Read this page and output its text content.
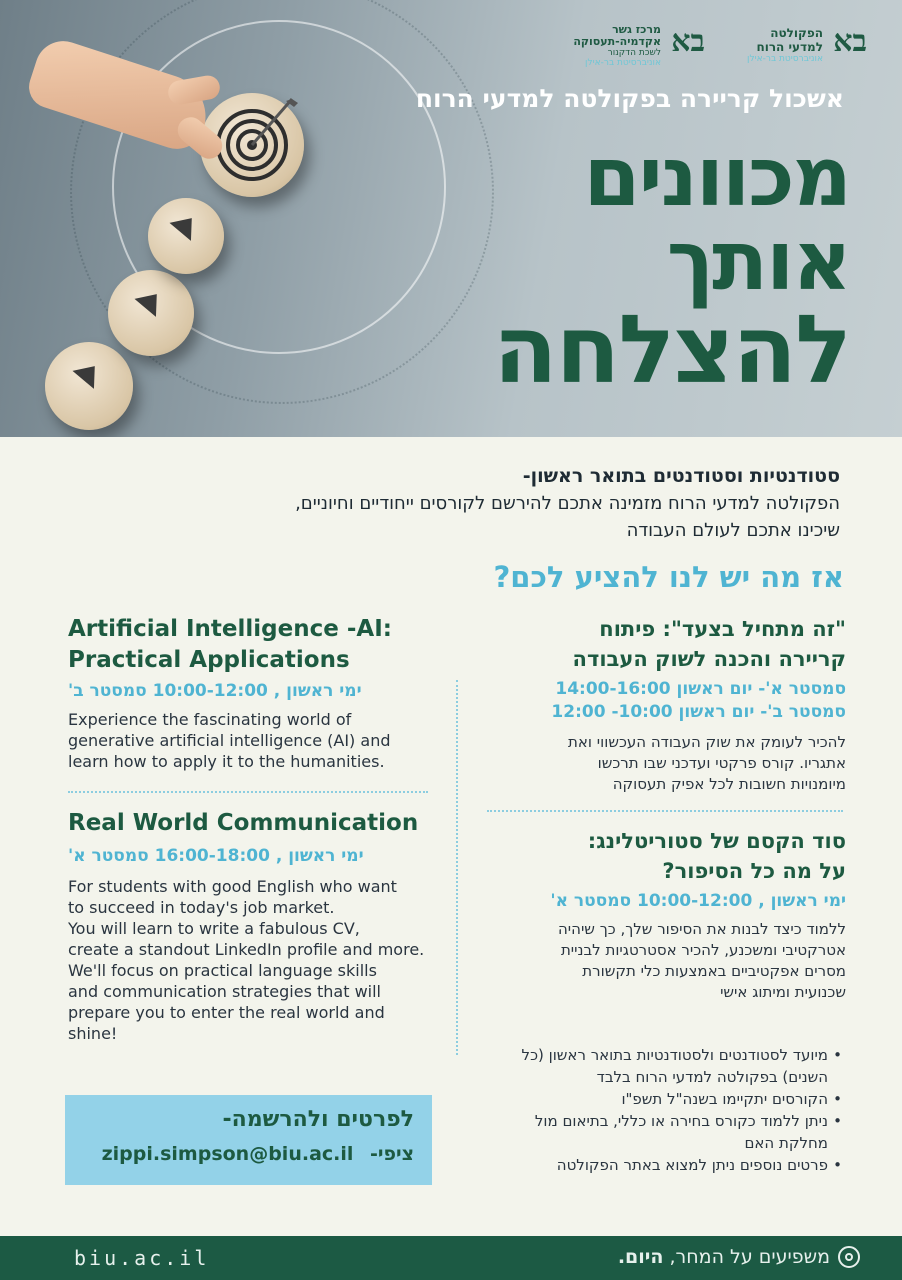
בא
הפקולטה
למדעי הרוח
אוניברסיטת בר-אילן
בא
מרכז גשר
אקדמיה-תעסוקה
לשכת הדקנור
אוניברסיטת בר-אילן
אשכול קריירה בפקולטה למדעי הרוח
מכוונים
אותך
להצלחה
סטודנטיות וסטודנטים בתואר ראשון-
הפקולטה למדעי הרוח מזמינה אתכם להירשם לקורסים ייחודיים וחיוניים,
שיכינו אתכם לעולם העבודה
אז מה יש לנו להציע לכם?
"זה מתחיל בצעד": פיתוח
קריירה והכנה לשוק העבודה
סמסטר א'- יום ראשון 14:00-16:00
סמסטר ב'- יום ראשון 10:00- 12:00
להכיר לעומק את שוק העבודה העכשווי ואת
אתגריו. קורס פרקטי ועדכני שבו תרכשו
מיומנויות חשובות לכל אפיק תעסוקה
סוד הקסם של סטוריטלינג:
על מה כל הסיפור?
ימי ראשון , 10:00-12:00 סמסטר א'
ללמוד כיצד לבנות את הסיפור שלך, כך שיהיה
אטרקטיבי ומשכנע, להכיר אסטרטגיות לבניית
מסרים אפקטיביים באמצעות כלי תקשורת
שכנועית ומיתוג אישי
Artificial Intelligence -AI:
Practical Applications
ימי ראשון , 10:00-12:00 סמסטר ב'
Experience the fascinating world of
generative artificial intelligence (AI) and
learn how to apply it to the humanities.
Real World Communication
ימי ראשון , 16:00-18:00 סמסטר א'
For students with good English who want
to succeed in today's job market.
You will learn to write a fabulous CV,
create a standout LinkedIn profile and more.
We'll focus on practical language skills
and communication strategies that will
prepare you to enter the real world and
shine!
• מיועד לסטודנטים ולסטודנטיות בתואר ראשון (כל השנים) בפקולטה למדעי הרוח בלבד
• הקורסים יתקיימו בשנה"ל תשפ"ו
• ניתן ללמוד כקורס בחירה או כללי, בתיאום מול מחלקת האם
• פרטים נוספים ניתן למצוא באתר הפקולטה
לפרטים ולהרשמה-
ציפי- zippi.simpson@biu.ac.il
biu.ac.il	משפיעים על המחר, היום.
